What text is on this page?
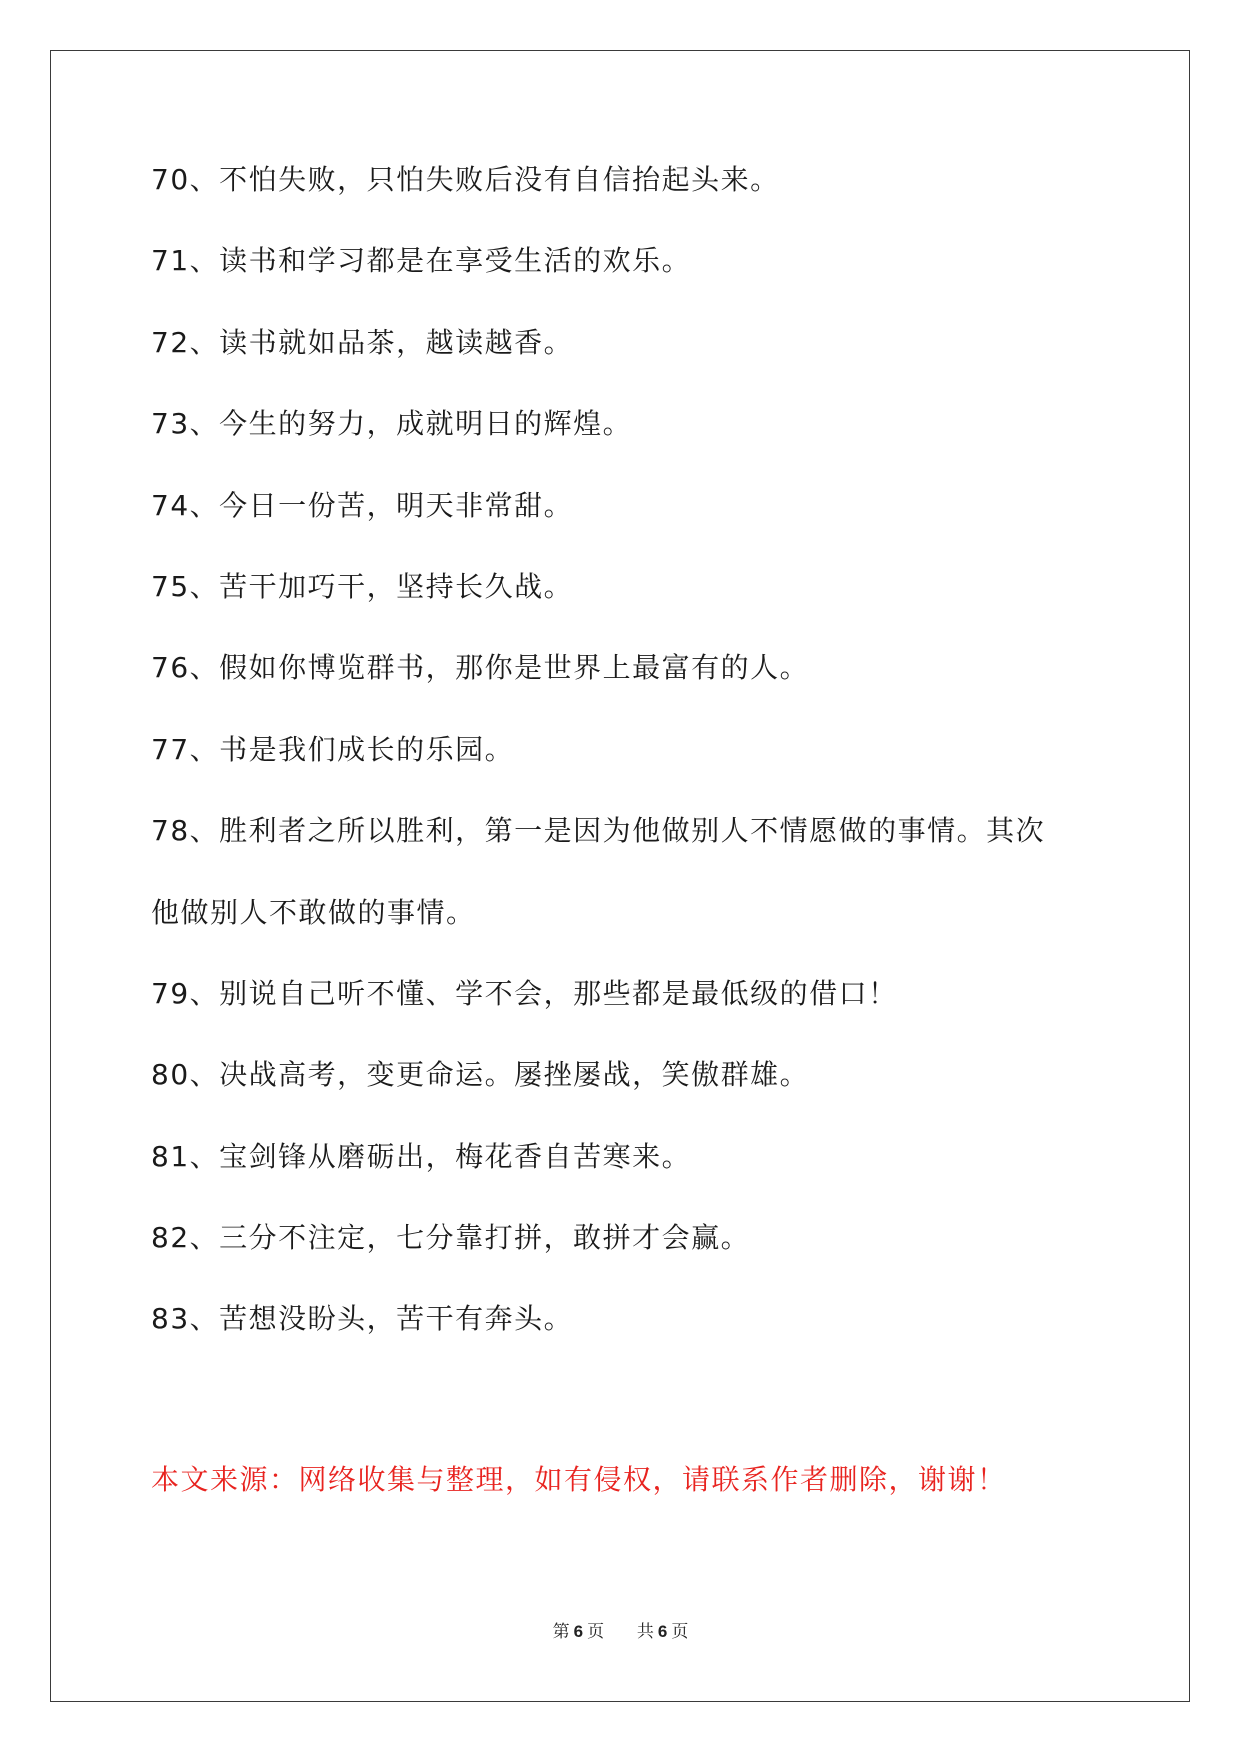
70、不怕失败，只怕失败后没有自信抬起头来。
71、读书和学习都是在享受生活的欢乐。
72、读书就如品茶，越读越香。
73、今生的努力，成就明日的辉煌。
74、今日一份苦，明天非常甜。
75、苦干加巧干，坚持长久战。
76、假如你博览群书，那你是世界上最富有的人。
77、书是我们成长的乐园。
78、胜利者之所以胜利，第一是因为他做别人不情愿做的事情。其次
他做别人不敢做的事情。
79、别说自己听不懂、学不会，那些都是最低级的借口！
80、决战高考，变更命运。屡挫屡战，笑傲群雄。
81、宝剑锋从磨砺出，梅花香自苦寒来。
82、三分不注定，七分靠打拼，敢拼才会赢。
83、苦想没盼头，苦干有奔头。
本文来源：网络收集与整理，如有侵权，请联系作者删除，谢谢！
第 6 页 共 6 页
